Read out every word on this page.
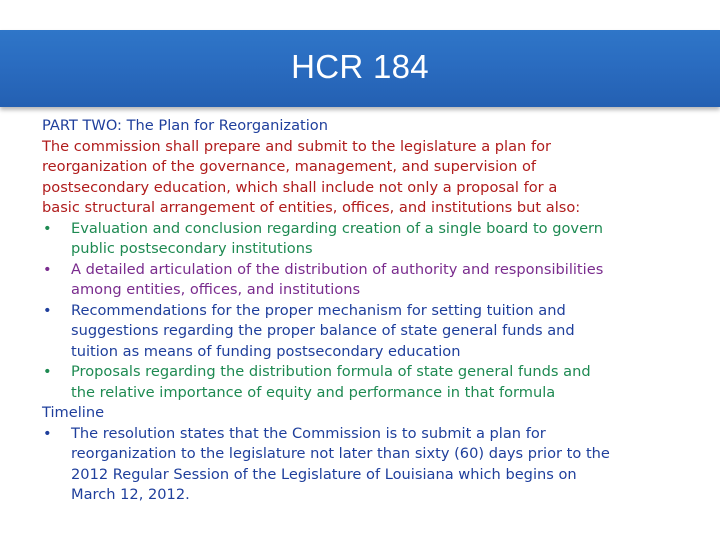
HCR 184
PART TWO: The Plan for Reorganization
The commission shall prepare and submit to the legislature a plan for
reorganization of the governance, management, and supervision of
postsecondary education, which shall include not only a proposal for a
basic structural arrangement of entities, offices, and institutions but also:
• Evaluation and conclusion regarding creation of a single board to govern
public postsecondary institutions
• A detailed articulation of the distribution of authority and responsibilities
among entities, offices, and institutions
• Recommendations for the proper mechanism for setting tuition and
suggestions regarding the proper balance of state general funds and
tuition as means of funding postsecondary education
• Proposals regarding the distribution formula of state general funds and
the relative importance of equity and performance in that formula
Timeline
• The resolution states that the Commission is to submit a plan for
reorganization to the legislature not later than sixty (60) days prior to the
2012 Regular Session of the Legislature of Louisiana which begins on
March 12, 2012.
